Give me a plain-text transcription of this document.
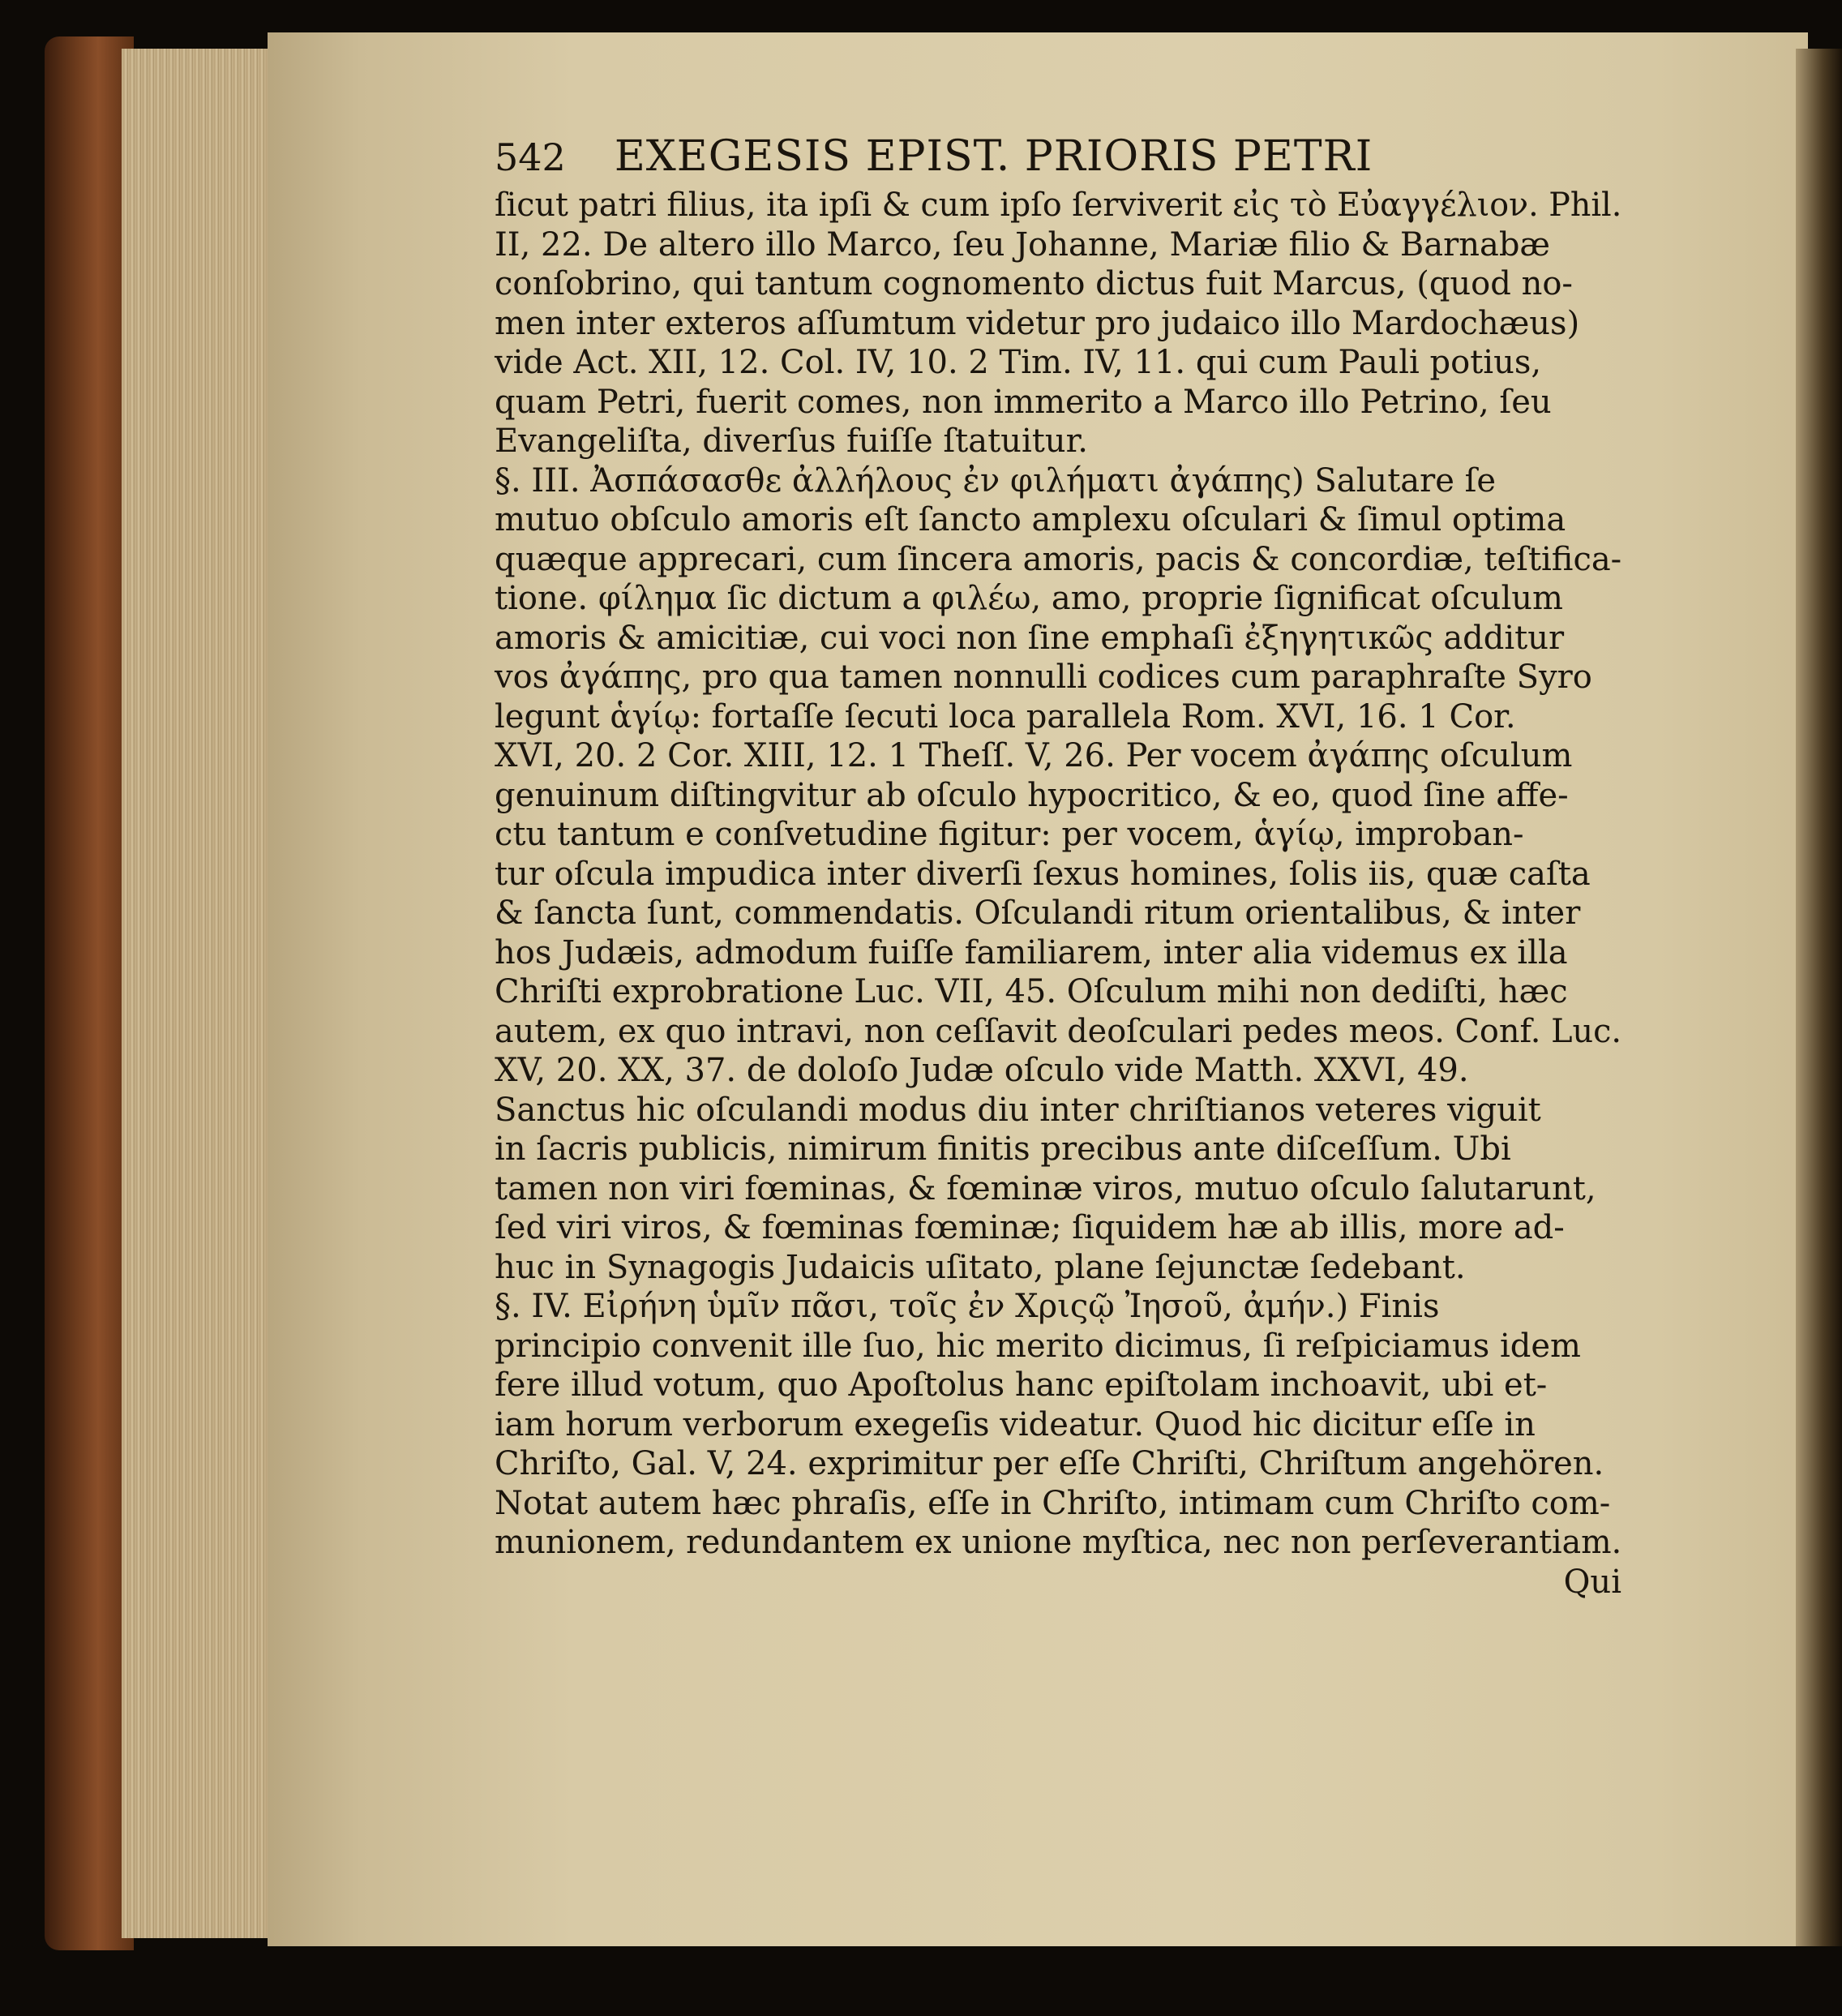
542 EXEGESIS EPIST. PRIORIS PETRI
ſicut patri filius, ita ipſi & cum ipſo ſerviverit εἰς τὸ Εὐαγγέλιον. Phil.
II, 22. De altero illo Marco, ſeu Johanne, Mariæ filio & Barnabæ
conſobrino, qui tantum cognomento dictus fuit Marcus, (quod no-
men inter exteros aſſumtum videtur pro judaico illo Mardochæus)
vide Act. XII, 12. Col. IV, 10. 2 Tim. IV, 11. qui cum Pauli potius,
quam Petri, fuerit comes, non immerito a Marco illo Petrino, ſeu
Evangeliſta, diverſus fuiſſe ſtatuitur.
§. III. Ἀσπάσασθε ἀλλήλους ἐν φιλήματι ἀγάπης) Salutare ſe
mutuo obſculo amoris eſt ſancto amplexu oſculari & ſimul optima
quæque apprecari, cum ſincera amoris, pacis & concordiæ, teſtifica-
tione. φίλημα ſic dictum a φιλέω, amo, proprie ſignificat oſculum
amoris & amicitiæ, cui voci non ſine emphaſi ἐξηγητικῶς additur
vos ἀγάπης, pro qua tamen nonnulli codices cum paraphraſte Syro
legunt ἁγίῳ: fortaſſe ſecuti loca parallela Rom. XVI, 16. 1 Cor.
XVI, 20. 2 Cor. XIII, 12. 1 Theſſ. V, 26. Per vocem ἀγάπης oſculum
genuinum diſtingvitur ab oſculo hypocritico, & eo, quod ſine affe-
ctu tantum e conſvetudine figitur: per vocem, ἁγίῳ, improban-
tur oſcula impudica inter diverſi ſexus homines, ſolis iis, quæ caſta
& ſancta ſunt, commendatis. Oſculandi ritum orientalibus, & inter
hos Judæis, admodum fuiſſe familiarem, inter alia videmus ex illa
Chriſti exprobratione Luc. VII, 45. Oſculum mihi non dediſti, hæc
autem, ex quo intravi, non ceſſavit deoſculari pedes meos. Conf. Luc.
XV, 20. XX, 37. de doloſo Judæ oſculo vide Matth. XXVI, 49.
Sanctus hic oſculandi modus diu inter chriſtianos veteres viguit
in ſacris publicis, nimirum finitis precibus ante diſceſſum. Ubi
tamen non viri fœminas, & fœminæ viros, mutuo oſculo ſalutarunt,
ſed viri viros, & fœminas fœminæ; ſiquidem hæ ab illis, more ad-
huc in Synagogis Judaicis uſitato, plane ſejunctæ ſedebant.
§. IV. Εἰρήνη ὑμῖν πᾶσι, τοῖς ἐν Χριςῷ Ἰησοῦ, ἀμήν.) Finis
principio convenit ille ſuo, hic merito dicimus, ſi reſpiciamus idem
fere illud votum, quo Apoſtolus hanc epiſtolam inchoavit, ubi et-
iam horum verborum exegeſis videatur. Quod hic dicitur eſſe in
Chriſto, Gal. V, 24. exprimitur per eſſe Chriſti, Chriſtum angehören.
Notat autem hæc phraſis, eſſe in Chriſto, intimam cum Chriſto com-
munionem, redundantem ex unione myſtica, nec non perſeverantiam.
Qui
